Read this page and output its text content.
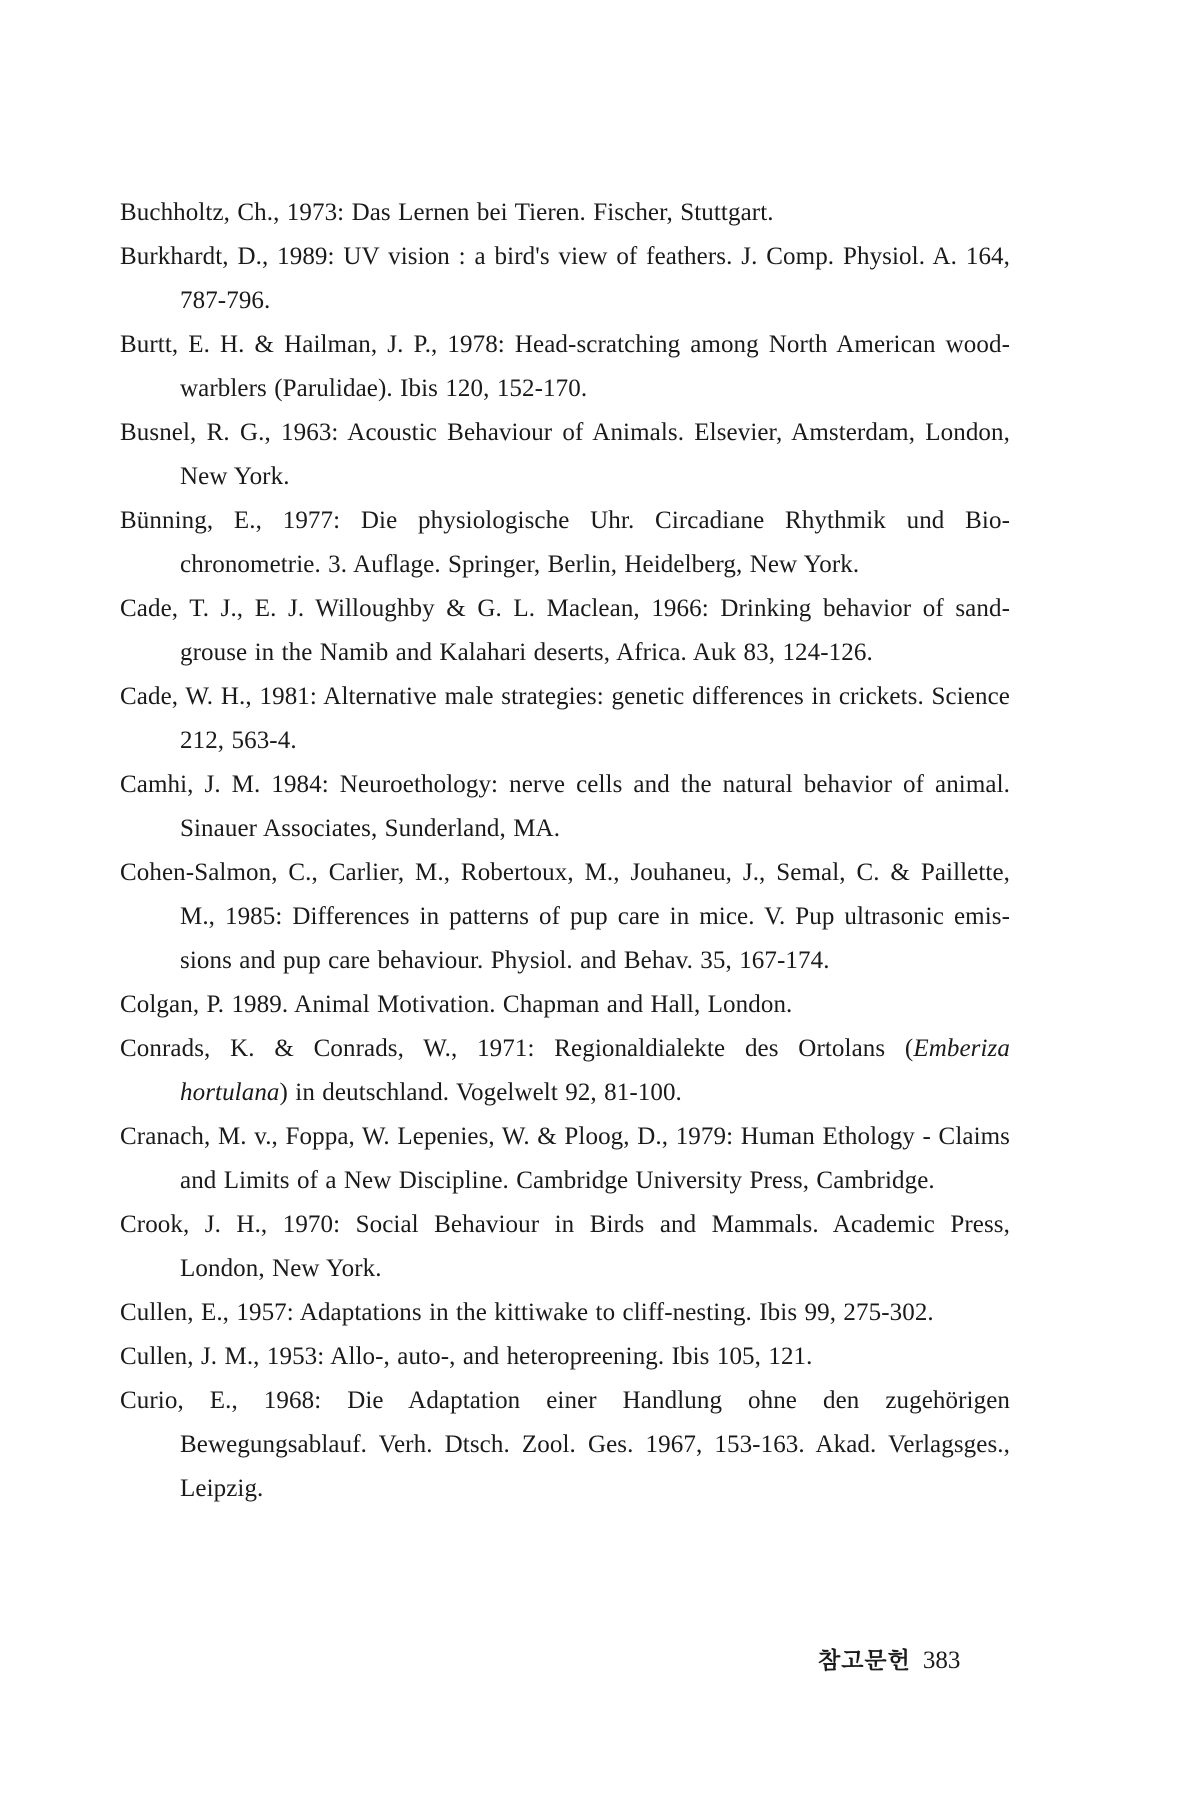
Buchholtz, Ch., 1973: Das Lernen bei Tieren. Fischer, Stuttgart.
Burkhardt, D., 1989: UV vision : a bird's view of feathers. J. Comp. Physiol. A. 164, 787-796.
Burtt, E. H. & Hailman, J. P., 1978: Head-scratching among North American wood-warblers (Parulidae). Ibis 120, 152-170.
Busnel, R. G., 1963: Acoustic Behaviour of Animals. Elsevier, Amsterdam, London, New York.
Bünning, E., 1977: Die physiologische Uhr. Circadiane Rhythmik und Bio-chronometrie. 3. Auflage. Springer, Berlin, Heidelberg, New York.
Cade, T. J., E. J. Willoughby & G. L. Maclean, 1966: Drinking behavior of sand-grouse in the Namib and Kalahari deserts, Africa. Auk 83, 124-126.
Cade, W. H., 1981: Alternative male strategies: genetic differences in crickets. Science 212, 563-4.
Camhi, J. M. 1984: Neuroethology: nerve cells and the natural behavior of animal. Sinauer Associates, Sunderland, MA.
Cohen-Salmon, C., Carlier, M., Robertoux, M., Jouhaneu, J., Semal, C. & Paillette, M., 1985: Differences in patterns of pup care in mice. V. Pup ultrasonic emis-sions and pup care behaviour. Physiol. and Behav. 35, 167-174.
Colgan, P. 1989. Animal Motivation. Chapman and Hall, London.
Conrads, K. & Conrads, W., 1971: Regionaldialekte des Ortolans (Emberiza hortulana) in deutschland. Vogelwelt 92, 81-100.
Cranach, M. v., Foppa, W. Lepenies, W. & Ploog, D., 1979: Human Ethology - Claims and Limits of a New Discipline. Cambridge University Press, Cambridge.
Crook, J. H., 1970: Social Behaviour in Birds and Mammals. Academic Press, London, New York.
Cullen, E., 1957: Adaptations in the kittiwake to cliff-nesting. Ibis 99, 275-302.
Cullen, J. M., 1953: Allo-, auto-, and heteropreening. Ibis 105, 121.
Curio, E., 1968: Die Adaptation einer Handlung ohne den zugehörigen Bewegungsablauf. Verh. Dtsch. Zool. Ges. 1967, 153-163. Akad. Verlagsges., Leipzig.
참고문헌 383
